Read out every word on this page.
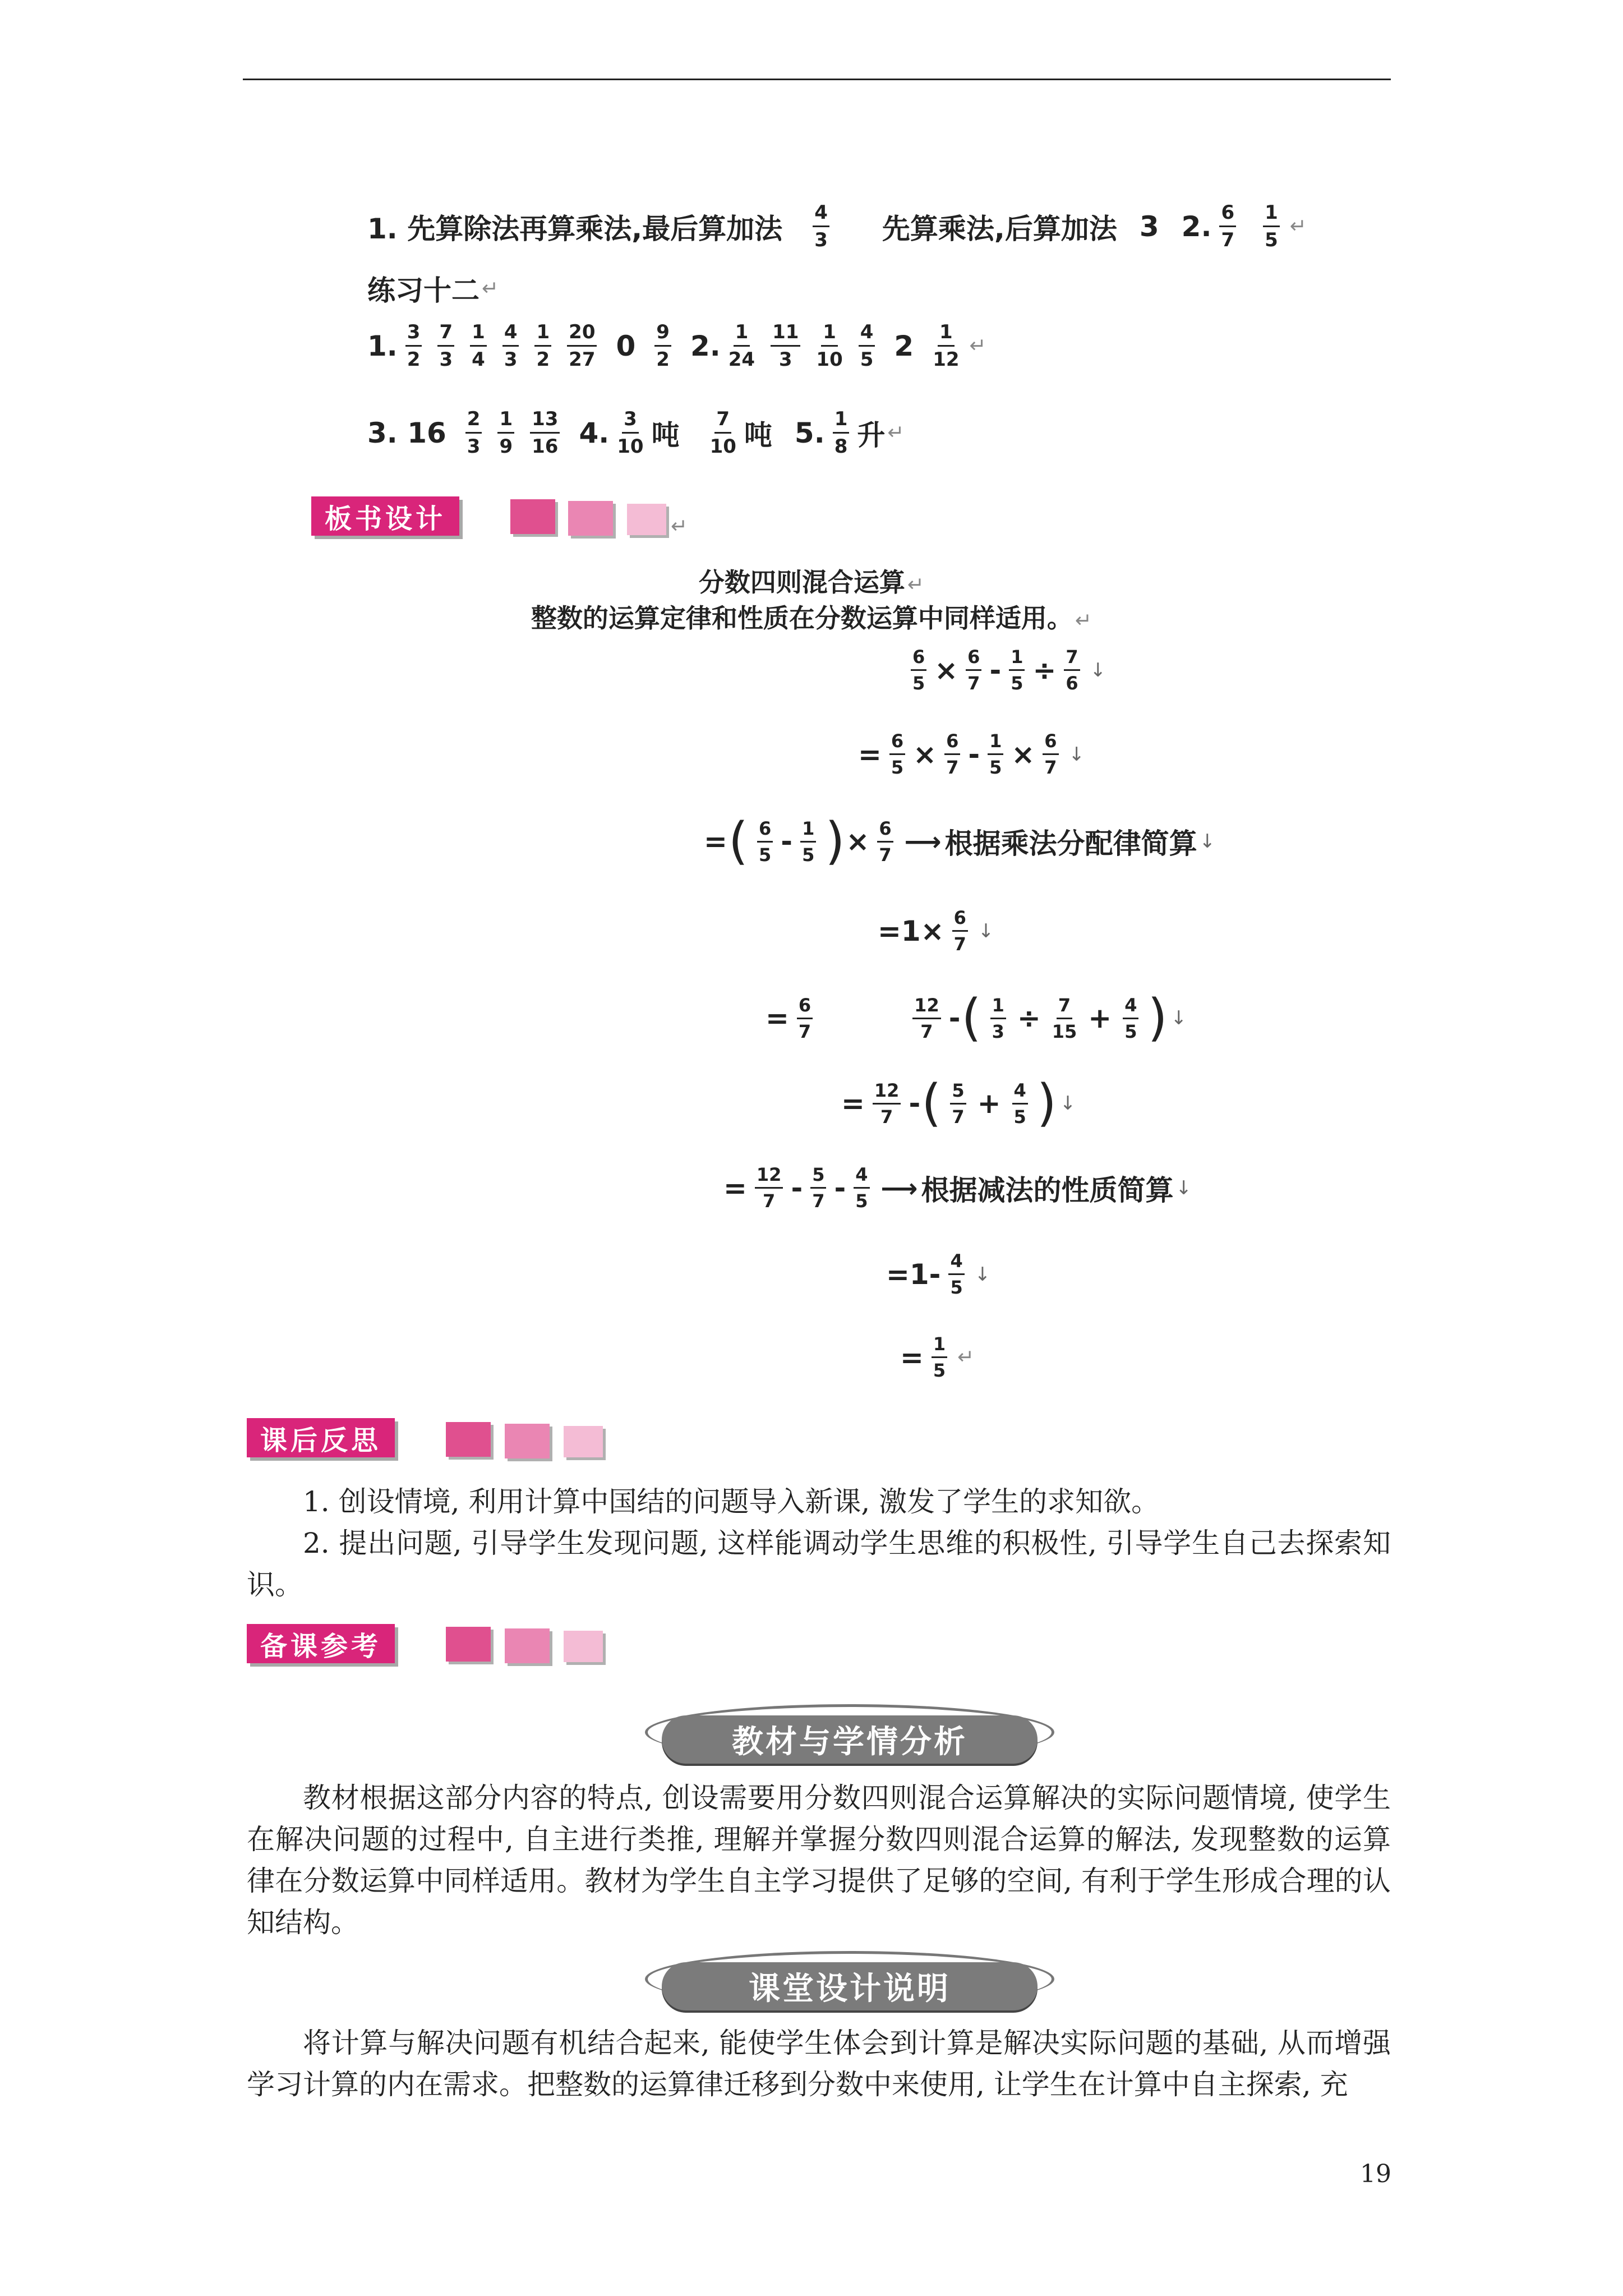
1. 先算除法再算乘法,最后算加法 $\frac{4}{3}$ 先算乘法,后算加法 3 2. $\frac{6}{7} \frac{1}{5}$ ↵
练习十二 ↵
1. $\frac{3}{2} \frac{7}{3} \frac{1}{4} \frac{4}{3} \frac{1}{2} \frac{20}{27} 0 \frac{9}{2} 2$. $\frac{1}{24} \frac{11}{3} \frac{1}{10} \frac{4}{5} 2 \frac{1}{12}$ ↵
3. $16 \frac{2}{3} \frac{1}{9} \frac{13}{16} 4$. $\frac{3}{10}$ 吨 $\frac{7}{10}$ 吨 5. $\frac{1}{8}$ 升 ↵
板书设计	↵
分数四则混合运算 ↵
整数的运算定律和性质在分数运算中同样适用。 ↵
$\frac{6}{5} \times \frac{6}{7} - \frac{1}{5} \div \frac{7}{6}$ ↓
= $\frac{6}{5} \times \frac{6}{7} - \frac{1}{5} \times \frac{6}{7}$ ↓
= ( $\frac{6}{5} - \frac{1}{5}$ ) × $\frac{6}{7}$ ⟶ 根据乘法分配律简算 ↓
$=1\times \frac{6}{7}$ ↓
= $\frac{6}{7}$	$\frac{12}{7}$ - ( $\frac{1}{3} \div \frac{7}{15} + \frac{4}{5}$ ) ↓
= $\frac{12}{7}$ - ( $\frac{5}{7} + \frac{4}{5}$ ) ↓
= $\frac{12}{7} - \frac{5}{7} - \frac{4}{5}$ ⟶ 根据减法的性质简算 ↓
$=1- \frac{4}{5}$ ↓
= $\frac{1}{5}$ ↵
课后反思
1. 创设情境, 利用计算中国结的问题导入新课, 激发了学生的求知欲。
2. 提出问题, 引导学生发现问题, 这样能调动学生思维的积极性, 引导学生自己去探索知识。
备课参考
教材与学情分析
教材根据这部分内容的特点, 创设需要用分数四则混合运算解决的实际问题情境, 使学生在解决问题的过程中, 自主进行类推, 理解并掌握分数四则混合运算的解法, 发现整数的运算律在分数运算中同样适用。教材为学生自主学习提供了足够的空间, 有利于学生形成合理的认知结构。
课堂设计说明
将计算与解决问题有机结合起来, 能使学生体会到计算是解决实际问题的基础, 从而增强学习计算的内在需求。把整数的运算律迁移到分数中来使用, 让学生在计算中自主探索, 充
19
